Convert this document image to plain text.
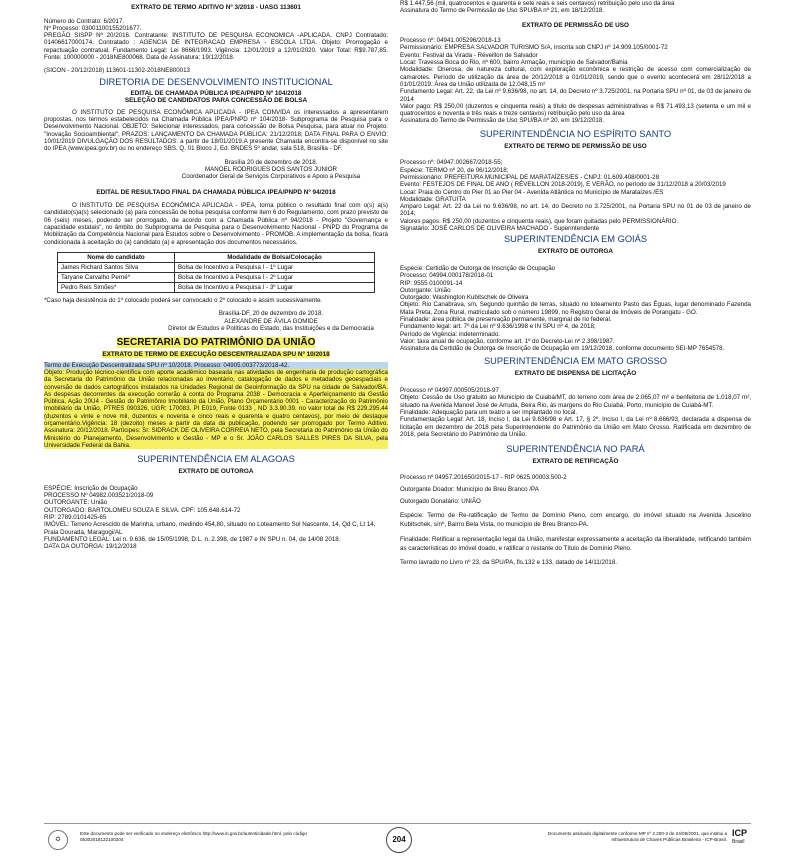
EXTRATO DE TERMO ADITIVO Nº 3/2018 - UASG 113601

Número do Contrato: 6/2017.
Nº Processo: 03001100155201677.
PREGÃO SISPP Nº 20/2016. Contratante: INSTITUTO DE PESQUISA ECONOMICA -APLICADA. CNPJ Contratado: 01406617000174. Contratado : AGENCIA DE INTEGRACAO EMPRESA - ESCOLA LTDA. Objeto: Prorrogação e repactuação contratual. Fundamento Legal: Lei 8666/1993. Vigência: 12/01/2019 a 12/01/2020. Valor Total: R$9.787,85. Fonte: 100000000 - 2018NE800068. Data de Assinatura: 19/12/2018.

(SICON - 20/12/2018) 113601-11302-2018NE800013

DIRETORIA DE DESENVOLVIMENTO INSTITUCIONAL
EDITAL DE CHAMADA PÚBLICA IPEA/PNPD Nº 104/2018
SELEÇÃO DE CANDIDATOS PARA CONCESSÃO DE BOLSA

O INSTITUTO DE PESQUISA ECONÔMICA APLICADA - IPEA CONVIDA os interessados a apresentarem propostas, nos termos estabelecidos na Chamada Pública IPEA/PNPD nº 104/2018- Subprograma de Pesquisa para o Desenvolvimento Nacional. OBJETO: Selecionar interessados, para concessão de Bolsa Pesquisa, para atuar no Projeto: "Inovação Socioambiental", PRAZOS: LANÇAMENTO DA CHAMADA PÚBLICA: 21/12/2018; DATA FINAL PARA O ENVIO: 10/01/2019 DIVULGAÇÃO DOS RESULTADOS: a partir de 18/01/2019.A presente Chamada encontra-se disponível no site do IPEA (www.ipea.gov.br) ou no endereço SBS. Q. 01 Bloco J, Ed. BNDES 5º andar, sala 518, Brasília - DF.

Brasília 20 de dezembro de 2018.
MANOEL RODRIGUES DOS SANTOS JUNIOR
Coordenador Geral de Serviços Corporativos e Apoio a Pesquisa

EDITAL DE RESULTADO FINAL DA CHAMADA PÚBLICA IPEA/PNPD Nº 94/2018

O INSTITUTO DE PESQUISA ECONÔMICA APLICADA - IPEA, torna público o resultado final com o(s) a(s) candidato(s)a(s) selecionado (a) para concessão de bolsa pesquisa conforme item 6 do Regulamento, com prazo previsto de 06 (seis) meses, podendo ser prorrogado, de acordo com a Chamada Pública nº 94/2018 - Projeto "Governança e capacidade estatais", no âmbito do Subprograma de Pesquisa para o Desenvolvimento Nacional - PNPD do Programa de Mobilização da Competência Nacional para Estudos sobre o Desenvolvimento - PROMOB. A implementação da bolsa, ficará condicionada à aceitação do (a) candidato (a) e apresentação dos documentos necessários.

Nome do candidato	Modalidade de Bolsa/Colocação
James Richard Santos Silva	Bolsa de Incentivo a Pesquisa I - 1º Lugar
Taryane Carvalho Perné*	Bolsa de Incentivo a Pesquisa I - 2º Lugar
Pedro Reis Simões*	Bolsa de Incentivo a Pesquisa I - 3º Lugar

*Caso haja desistência do 1º colocado poderá ser convocado o 2º colocado e assim sucessivamente.

Brasília-DF, 20 de dezembro de 2018.
ALEXANDRE DE ÁVILA GOMIDE
Diretor de Estudos e Políticas do Estado, das Instituições e da Democracia

SECRETARIA DO PATRIMÔNIO DA UNIÃO
EXTRATO DE TERMO DE EXECUÇÃO DESCENTRALIZADA SPU Nº 10/2018

Termo de Execução Descentralizada SPU nº 10/2018. Processo: 04905.003773/2018-42.

Objeto: Produção técnico-científica com aporte acadêmico baseada nas atividades de engenharia de produção cartográfica da Secretaria do Patrimônio da União relacionadas ao inventário, catalogação de dados e metadados geoespaciais e conversão de dados cartográficos instalados na Unidades Regional de Geoinformação da SPU na cidade de Salvador/BA. As despesas decorrentes da execução correrão à conta do Programa 2038 - Democracia e Aperfeiçoamento da Gestão Pública, Ação 20U4 - Gestão do Patrimônio Imobiliário da União, Plano Orçamentário 0001 - Caracterização do Patrimônio Imobiliário da União, PTRES 090326, UGR: 170083, PI E019, Fonte 0133 , ND 3.3.90.39, no valor total de R$ 229.295,44 (duzentos e vinte e nove mil, duzentos e noventa e cinco reais e quarenta e quatro centavos), por meio de destaque orçamentário.Vigência: 18 (dezoito) meses a partir da data da publicação, podendo ser prorrogado por Termo Aditivo. Assinatura: 20/12/2018. Partícipes: Sr. SIDRACK DE OLIVEIRA CORREIA NETO, pela Secretaria do Patrimônio da União do Ministério do Planejamento, Desenvolvimento e Gestão - MP e o Sr. JOÃO CARLOS SALLES PIRES DA SILVA, pela Universidade Federal da Bahia.

SUPERINTENDÊNCIA EM ALAGOAS
EXTRATO DE OUTORGA

ESPÉCIE: Inscrição de Ocupação
PROCESSO Nº 04982.003521/2018-09
OUTORGANTE: União
OUTORGADO: BARTOLOMEU SOUZA E SILVA. CPF: 105.648.614-72
RIP: 2789.0101425-65
IMÓVEL: Terreno Acrescido de Marinha, urbano, medindo 454,80, situado no Loteamento Sol Nascente, 14, Qd C, Lt 14, Praia Dourada, Maragogi/AL
FUNDAMENTO LEGAL: Lei n. 9.636, de 15/05/1998, D.L. n. 2.398, de 1987 e IN SPU n. 04, de 14/08 2018.
DATA DA OUTORGA: 19/12/2018

R$ 1.447,56 (mil, quatrocentos e quarenta e sete reais e seis centavos) retribuição pelo uso da área
Assinatura do Termo de Permissão de Uso SPU/BA nº 21, em 18/12/2018.

EXTRATO DE PERMISSÃO DE USO

Processo nº: 04941.005296/2018-13
Permissionário: EMPRESA SALVADOR TURISMO S/A, inscrita sob CNPJ nº 14.909.105/0001-72
Evento: Festival da Virada - Réveillon de Salvador
Local: Travessa Boca do Rio, nº 600, bairro Armação, município de Salvador/Bahia
Modalidade: Onerosa, de natureza cultural, com exploração econômica e restrição de acesso com comercialização de camarotes. Período de utilização da área de 20/12/2018 a 01/01/2019, sendo que o evento acontecerá em 28/12/2018 a 01/01/2019. Área da União utilizada de 12.048,15 m²
Fundamento Legal: Art. 22, da Lei nº 9.636/98, no art. 14, do Decreto nº 3.725/2001, na Portaria SPU nº 01, de 03 de janeiro de 2014
Valor pago: R$ 250,00 (duzentos e cinquenta reais) a título de despesas administrativas e R$ 71.493,13 (setenta e um mil e quatrocentos e noventa e três reais e treze centavos) retribuição pelo uso da área
Assinatura do Termo de Permissão de Uso SPU/BA nº 20, em 19/12/2018.

SUPERINTENDÊNCIA NO ESPÍRITO SANTO
EXTRATO DE TERMO DE PERMISSÃO DE USO

Processo nº: 04947.002667/2018-55;
Espécie: TERMO nº 20, de 06/12/2018;
Permissionário: PREFEITURA MUNICIPAL DE MARATAÍZES/ES - CNPJ: 01.609.408/0001-28
Evento: FESTEJOS DE FINAL DE ANO ( RÉVEILLON 2018-2019), E VERÃO, no período de 31/12/2018 a 20/03/2019
Local: Praia do Centro do Pier 01 ao Pier 04 - Avenida Atlântica no Município de Marataízes /ES
Modalidade: GRATUITA
Amparo Legal: Art. 22 da Lei no 9.636/98, no art. 14, do Decreto no 3.725/2001, na Portaria SPU no 01 de 03 de janeiro de 2014;
Valores pagos: R$ 250,00 (duzentos e cinquenta reais), que foram quitadas pelo PERMISSIONÁRIO.
Signatário: JOSÉ CARLOS DE OLIVEIRA MACHADO - Superintendente

SUPERINTENDÊNCIA EM GOIÁS
EXTRATO DE OUTORGA

Espécie: Certidão de Outorga de Inscrição de Ocupação
Processo: 04994.000178/2018-01
RIP: 9555 0100091-14
Outorgante: União
Outorgado: Washington Kubitschek de Oliveira
Objeto: Rio Canabrava, s/n, Segundo quinhão de terras, situado no loteamento Pasto das Éguas, lugar denominado Fazenda Mata Preta, Zona Rural, matriculado sob o número 19899, no Registro Geral de Imóveis de Porangatu - GO.
Finalidade: área pública de preservação permanente, marginal de rio federal.
Fundamento legal: art. 7º da Lei nº 9.636/1998 e IN SPU nº 4, de 2018;
Período de Vigência: indeterminado.
Valor: taxa anual de ocupação, conforme art. 1º do Decreto-Lei nº 2.398/1987.
Assinatura da Certidão de Outorga de Inscrição de Ocupação em 19/12/2018, conforme documento SEI-MP 7654578.

SUPERINTENDÊNCIA EM MATO GROSSO
EXTRATO DE DISPENSA DE LICITAÇÃO

Processo nº 04997.000505/2018-97
Objeto: Cessão de Uso gratuito ao Município de Cuiabá/MT, do terreno com área de 2.065,07 m² e benfeitoria de 1.018,07 m², situado na Avenida Manoel José de Arruda, Beira Rio, às margens do Rio Cuiabá, Porto, município de Cuiabá-MT.
Finalidade: Adequação para um teatro a ser implantado no local.
Fundamentação Legal: Art. 18, Inciso I, da Lei 9.636/98 e Art. 17, § 2º, Inciso I, da Lei nº 8.666/93, declarada a dispensa de licitação em dezembro de 2018 pela Superintendente do Patrimônio da União em Mato Grosso. Ratificada em dezembro de 2018, pela Secretário do Patrimônio da União.

SUPERINTENDÊNCIA NO PARÁ
EXTRATO DE RETIFICAÇÃO

Processo nº 04957.201650/2015-17 - RIP 0625.00003.500-2

Outorgante Doador: Município de Breu Branco /PA

Outorgado Donatário: UNIÃO

Espécie: Termo de Re-ratificação de Termo de Domínio Pleno, com encargo, do imóvel situado na Avenida Juscelino Kubitschek, s/nº, Bairro Bela Vista, no município de Breu Branco-PA.

Finalidade: Retificar a representação legal da União, manifestar expressamente a aceitação da liberalidade, retificando também as características do imóvel doado, e ratificar o restante do Título de Domínio Pleno.

Termo lavrado no Livro nº 23, da SPU/PA, fls.132 e 133, datado de 14/11/2018.

✪
Este documento pode ser verificado no endereço eletrônico http://www.in.gov.br/autenticidade.html, pelo código 05302018122100204	204
Documento assinado digitalmente conforme MP nº 2.200-2 de 24/08/2001, que institui a Infraestrutura de Chaves Públicas Brasileira - ICP-Brasil.
ICP
Brasil
